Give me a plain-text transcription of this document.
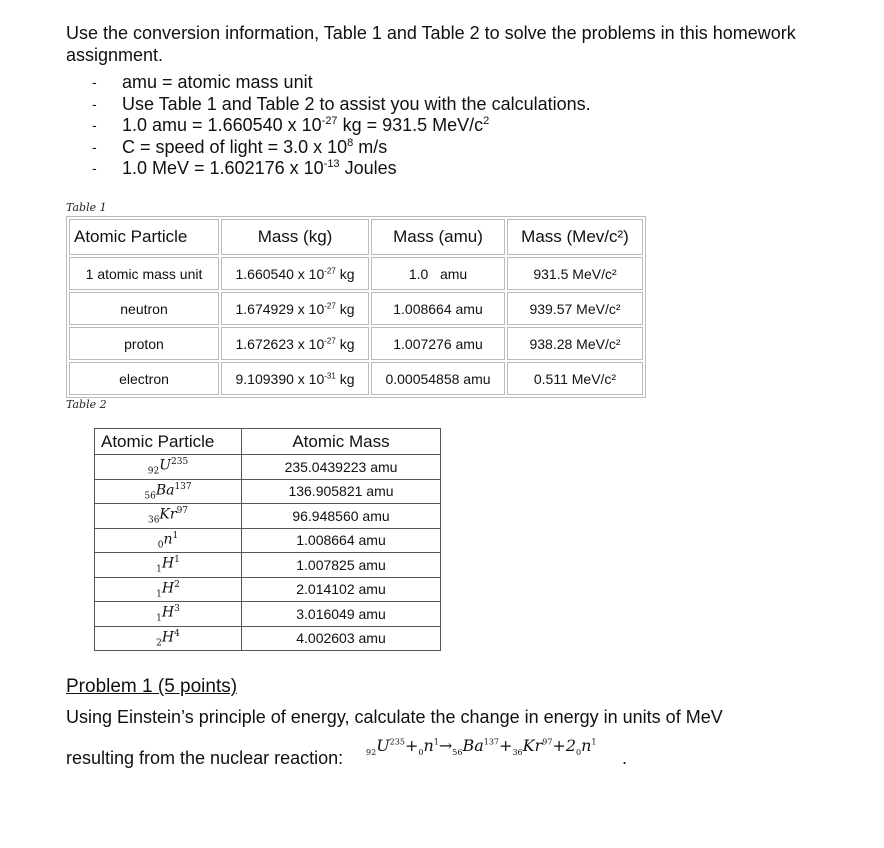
Use the conversion information, Table 1 and Table 2 to solve the problems in this homework assignment.
-	amu = atomic mass unit
-	Use Table 1 and Table 2 to assist you with the calculations.
-	1.0 amu = 1.660540 x $10^{-27}$ kg = 931.5 MeV/$c^2$
-	C = speed of light = 3.0 x $10^8$ m/s
-	1.0 MeV = 1.602176 x $10^{-13}$ Joules
Table 1
Atomic Particle	Mass (kg)	Mass (amu)	Mass (Mev/c²)
1 atomic mass unit	1.660540 x $10^{-27}$ kg	1.0   amu	931.5 MeV/c²
neutron	1.674929 x $10^{-27}$ kg	1.008664 amu	939.57 MeV/c²
proton	1.672623 x $10^{-27}$ kg	1.007276 amu	938.28 MeV/c²
electron	9.109390 x $10^{-31}$ kg	0.00054858 amu	0.511 MeV/c²
Table 2
Atomic Particle	Atomic Mass
$_{92}U^{235}$	235.0439223 amu
$_{56}Ba^{137}$	136.905821 amu
$_{36}Kr^{97}$	96.948560 amu
$_0n^1$	1.008664 amu
$_1H^1$	1.007825 amu
$_1H^2$	2.014102 amu
$_1H^3$	3.016049 amu
$_2H^4$	4.002603 amu
Problem 1 (5 points)
Using Einstein’s principle of energy, calculate the change in energy in units of MeV
resulting from the nuclear reaction:	$_{92}U^{235}+_0n^1\to_{56}Ba^{137}+_{36}Kr^{97}+2_0n^1$
.
